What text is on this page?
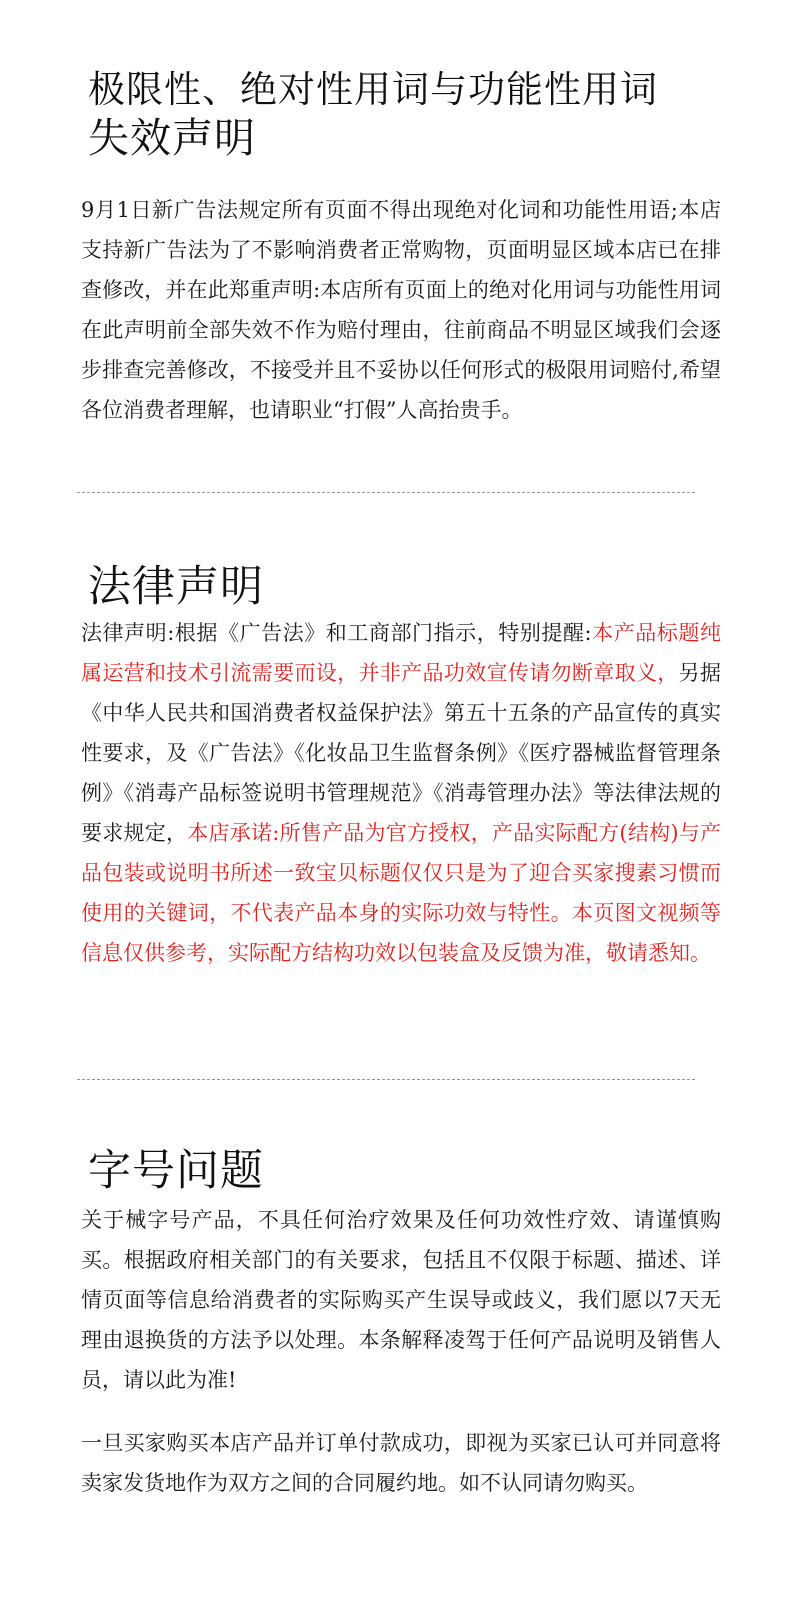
极限性、绝对性用词与功能性用词
失效声明

9月1日新广告法规定所有页面不得出现绝对化词和功能性用语;本店支持新广告法为了不影响消费者正常购物，页面明显区域本店已在排查修改，并在此郑重声明:本店所有页面上的绝对化用词与功能性用词在此声明前全部失效不作为赔付理由，往前商品不明显区域我们会逐步排查完善修改，不接受并且不妥协以任何形式的极限用词赔付,希望各位消费者理解，也请职业“打假”人高抬贵手。

法律声明

法律声明:根据《广告法》和工商部门指示，特别提醒:本产品标题纯属运营和技术引流需要而设，并非产品功效宣传请勿断章取义，另据《中华人民共和国消费者权益保护法》第五十五条的产品宣传的真实性要求，及《广告法》《化妆品卫生监督条例》《医疗器械监督管理条例》《消毒产品标签说明书管理规范》《消毒管理办法》等法律法规的要求规定，本店承诺:所售产品为官方授权，产品实际配方(结构)与产品包装或说明书所述一致宝贝标题仅仅只是为了迎合买家搜素习惯而使用的关键词，不代表产品本身的实际功效与特性。本页图文视频等信息仅供参考，实际配方结构功效以包装盒及反馈为准，敬请悉知。

字号问题

关于械字号产品，不具任何治疗效果及任何功效性疗效、请谨慎购买。根据政府相关部门的有关要求，包括且不仅限于标题、描述、详情页面等信息给消费者的实际购买产生误导或歧义，我们愿以7天无理由退换货的方法予以处理。本条解释凌驾于任何产品说明及销售人员，请以此为准!

一旦买家购买本店产品并订单付款成功，即视为买家已认可并同意将卖家发货地作为双方之间的合同履约地。如不认同请勿购买。
